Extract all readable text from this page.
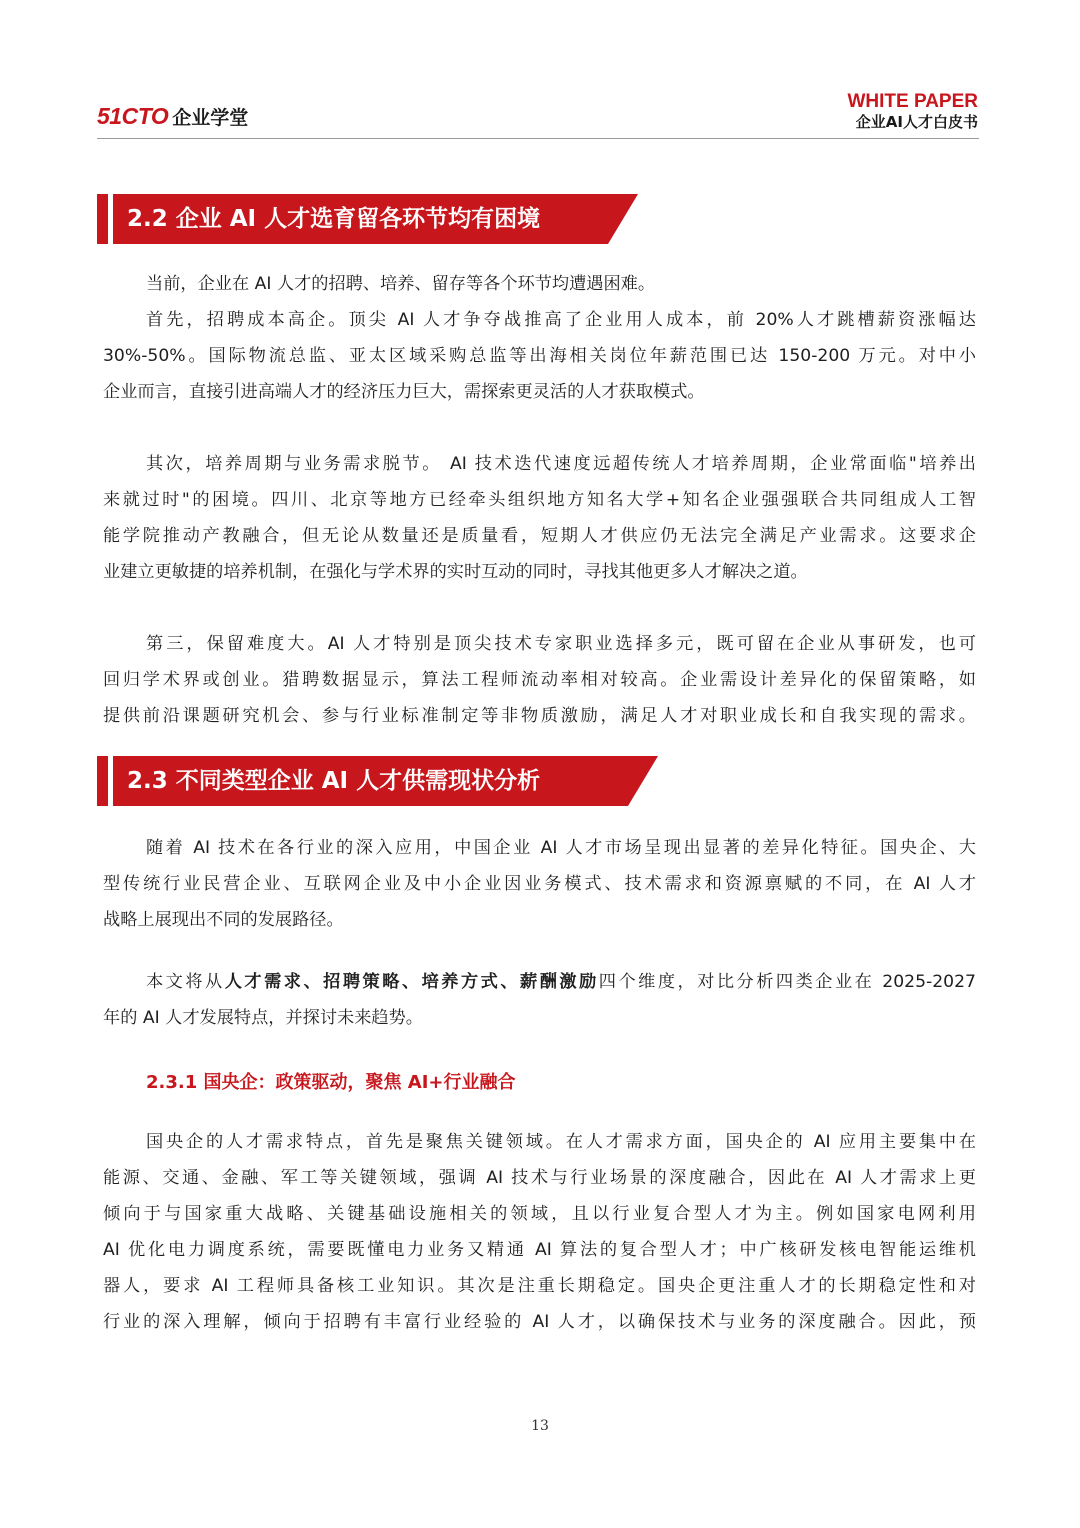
51CTO 企业学堂
WHITE PAPER
企业AI人才白皮书
2.2 企业 AI 人才选育留各环节均有困境
当前，企业在 AI 人才的招聘、培养、留存等各个环节均遭遇困难。
首先，招聘成本高企。顶尖 AI 人才争夺战推高了企业用人成本，前 20%人才跳槽薪资涨幅达
30%-50%。国际物流总监、亚太区域采购总监等出海相关岗位年薪范围已达 150-200 万元。对中小
企业而言，直接引进高端人才的经济压力巨大，需探索更灵活的人才获取模式。
其次，培养周期与业务需求脱节。 AI 技术迭代速度远超传统人才培养周期，企业常面临"培养出
来就过时"的困境。四川、北京等地方已经牵头组织地方知名大学+知名企业强强联合共同组成人工智
能学院推动产教融合，但无论从数量还是质量看，短期人才供应仍无法完全满足产业需求。这要求企
业建立更敏捷的培养机制，在强化与学术界的实时互动的同时，寻找其他更多人才解决之道。
第三，保留难度大。AI 人才特别是顶尖技术专家职业选择多元，既可留在企业从事研发，也可
回归学术界或创业。猎聘数据显示，算法工程师流动率相对较高。企业需设计差异化的保留策略，如
提供前沿课题研究机会、参与行业标准制定等非物质激励，满足人才对职业成长和自我实现的需求。
2.3 不同类型企业 AI 人才供需现状分析
随着 AI 技术在各行业的深入应用，中国企业 AI 人才市场呈现出显著的差异化特征。国央企、大
型传统行业民营企业、互联网企业及中小企业因业务模式、技术需求和资源禀赋的不同，在 AI 人才
战略上展现出不同的发展路径。
本文将从人才需求、招聘策略、培养方式、薪酬激励四个维度，对比分析四类企业在 2025-2027
年的 AI 人才发展特点，并探讨未来趋势。
2.3.1 国央企：政策驱动，聚焦 AI+行业融合
国央企的人才需求特点，首先是聚焦关键领域。在人才需求方面，国央企的 AI 应用主要集中在
能源、交通、金融、军工等关键领域，强调 AI 技术与行业场景的深度融合，因此在 AI 人才需求上更
倾向于与国家重大战略、关键基础设施相关的领域，且以行业复合型人才为主。例如国家电网利用
AI 优化电力调度系统，需要既懂电力业务又精通 AI 算法的复合型人才；中广核研发核电智能运维机
器人，要求 AI 工程师具备核工业知识。其次是注重长期稳定。国央企更注重人才的长期稳定性和对
行业的深入理解，倾向于招聘有丰富行业经验的 AI 人才，以确保技术与业务的深度融合。因此，预
13
